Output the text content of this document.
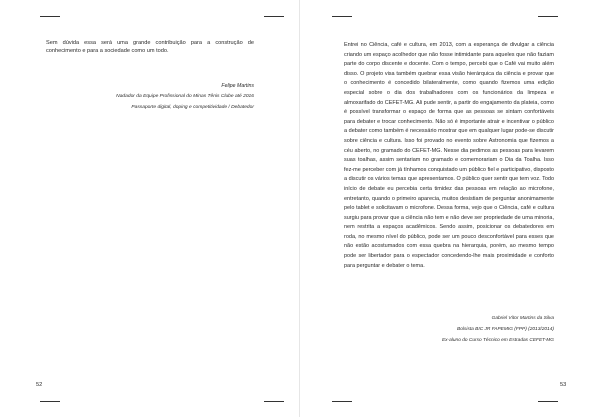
Sem dúvida essa será uma grande contribuição para a construção de conhecimento e para a sociedade como um todo.

Felipe Martins
Nadador da Equipe Profissional do Minas Tênis Clube até 2016
Passaporte digital, doping e competitividade / Debatedor
52

Entrei no Ciência, café e cultura, em 2013, com a esperança de divulgar a ciência criando um espaço acolhedor que não fosse intimidante para aqueles que não faziam parte do corpo discente e docente. Com o tempo, percebi que o Café vai muito além disso. O projeto visa também quebrar essa visão hierárquica da ciência e provar que o conhecimento é concedido bilateralmente, como quando fizemos uma edição especial sobre o dia dos trabalhadores com os funcionários da limpeza e almoxarifado do CEFET-MG. Ali pude sentir, a partir do engajamento da plateia, como é possível transformar o espaço de forma que as pessoas se sintam confortáveis para debater e trocar conhecimento. Não só é importante atrair e incentivar o público a debater como também é necessário mostrar que em qualquer lugar pode-se discutir sobre ciência e cultura. Isso foi provado no evento sobre Astronomia que fizemos a céu aberto, no gramado do CEFET-MG. Nesse dia pedimos as pessoas para levarem suas toalhas, assim sentariam no gramado e comemorariam o Dia da Toalha. Isso fez-me perceber com já tínhamos conquistado um público fiel e participativo, disposto a discutir os vários temas que apresentamos. O público quer sentir que tem voz. Todo início de debate eu percebia certa timidez das pessoas em relação ao microfone, entretanto, quando o primeiro aparecia, muitos desistiam de perguntar anonimamente pelo tablet e solicitavam o microfone. Dessa forma, vejo que o Ciência, café e cultura surgiu para provar que a ciência não tem e não deve ser propriedade de uma minoria, nem restrita a espaços acadêmicos. Sendo assim, posicionar os debatedores em roda, no mesmo nível do público, pode ser um pouco desconfortável para esses que não estão acostumados com essa quebra na hierarquia, porém, ao mesmo tempo pode ser libertador para o espectador concedendo-lhe mais proximidade e conforto para perguntar e debater o tema.

Gabriel Vítor Martins da Silva
Bolsista BIC JR FAPEMIG (FPP) (2013/2014)
Ex-aluno do Curso Técnico em Estradas CEFET-MG
53
